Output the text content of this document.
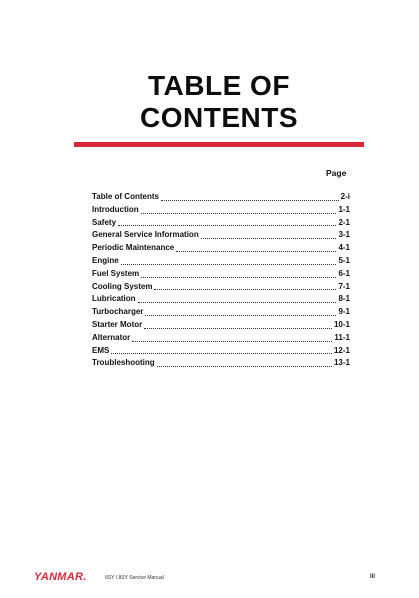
TABLE OF
CONTENTS
Page
Table of Contents	2-i
Introduction	1-1
Safety	2-1
General Service Information	3-1
Periodic Maintenance	4-1
Engine	5-1
Fuel System	6-1
Cooling System	7-1
Lubrication	8-1
Turbocharger	9-1
Starter Motor	10-1
Alternator	11-1
EMS	12-1
Troubleshooting	13-1
YANMAR.	6SY / 8SY Service Manual	III
